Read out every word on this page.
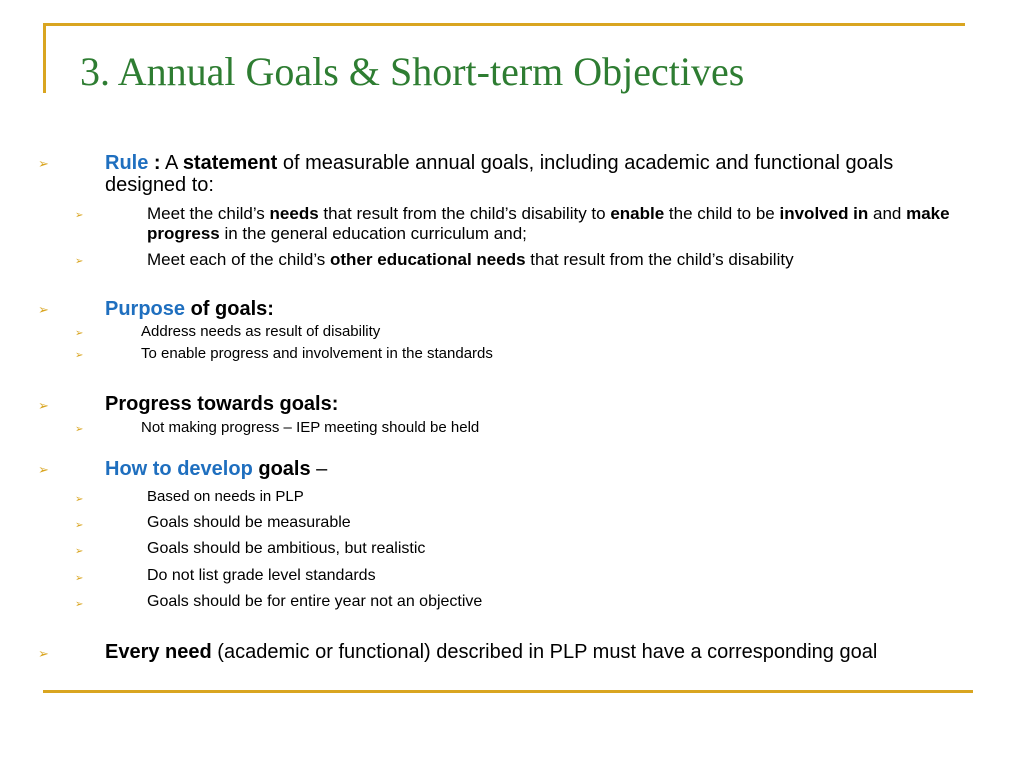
3. Annual Goals & Short-term Objectives
➢	Rule : A statement of measurable annual goals, including academic and functional goals designed to:
➢	Meet the child’s needs that result from the child’s disability to enable the child to be involved in and make progress in the general education curriculum and;
➢	Meet each of the child’s other educational needs that result from the child’s disability
➢	Purpose of goals:
➢	Address needs as result of disability
➢	To enable progress and involvement in the standards
➢	Progress towards goals:
➢	Not making progress – IEP meeting should be held
➢	How to develop goals –
➢	Based on needs in PLP
➢	Goals should be measurable
➢	Goals should be ambitious, but realistic
➢	Do not list grade level standards
➢	Goals should be for entire year not an objective
➢	Every need (academic or functional) described in PLP must have a corresponding goal
